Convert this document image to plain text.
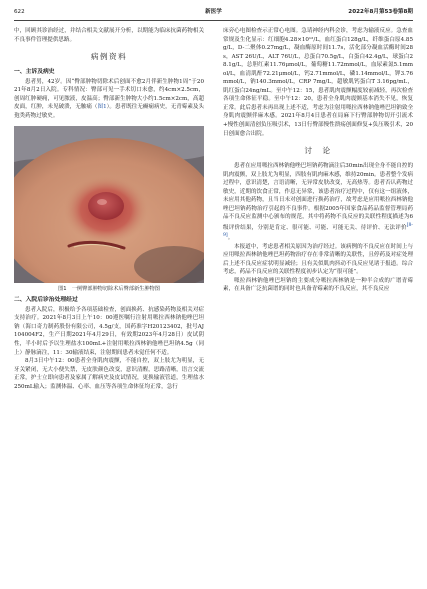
622	新医学	2022年8月第53卷第8期

中，回顾其诊治经过，并结合相关文献展开分析，以期能为临床抗菌药物相关不良事件管理提供思路。

病例资料
一、主诉及病史

患者男，42岁。因“臀部肿物切除术后创面不愈2月伴新生肿物1周”于2021年8月2日入院。专科情况：臀部可见一手术切口未愈，约4cm×2.5cm，创周红肿硬痈，可见脓液，皮温高；臀部新生肿物大小约1.5cm×2cm，高超皮面，红肿，未见破溃，无触痛（图1）。患者既往无癫痫病史，无青霉素及头孢类药物过敏史。

图1　一例臀部肿物切除术后臀部新生肿物图
二、入院后诊治处理经过

患者入院后，积极给予各项基础检查，创面换药、抗感染药物及相关对症支持治疗。2021年8月3日上午10：00遵医嘱行注射用哌拉西林钠他唑巴坦钠（海口奇力制药股份有限公司，4.5g/支，国药准字H20123402，批号AJ104004F2，生产日期2021年4月29日，有效期2023年4月28日）皮试阴性，半小时后予以生理盐水100mL+注射用哌拉西林钠他唑巴坦钠4.5g（同上）静脉滴注，11：30输液结束，注射期间患者未觉任何不适。

8月3日中午12：00患者全身肌肉震颤，不能自控，双上肢尤为明显，无牙关紧闭，无大小便失禁，无皮肤颜色改变，意识清醒，思路清晰，语言交流正常，护士立即向患者及家属了解病史及皮试情况，更换输液管道，生理盐水250mL输入；监测体温、心率、血压等各项生命体征均正常，急行

床旁心电图检查示正常心电图。急请神经内科会诊，考虑为输液反应。急查血常规及生化显示：红细胞4.28×10¹²/L，血红蛋白128g/L，纤维蛋白原4.85g/L，D-二聚体0.27mg/L，凝血酶原时间11.7s，活化部分凝血活酶时间28s，AST 26U/L，ALT 76U/L，总蛋白70.5g/L，白蛋白42.4g/L，球蛋白28.1g/L，总胆红素11.76μmol/L，葡萄糖11.72mmol/L，血尿素氮5.1mmol/L，血清肌酐72.21μmol/L，钙2.71mmol/L，磷1.14mmol/L，钾3.76mmol/L，钠140.3mmol/L，CRP 7mg/L，超敏肌钙蛋白T 3.16pg/mL，肌红蛋白24ng/mL。至中午12：15，患者肌肉震颤幅度较前减轻，再次检查各项生命体征平稳。至中午12：20，患者全身肌肉震颤基本消失不见，恢复正常。此后患者未再出现上述不适，考虑为注射用哌拉西林钠他唑巴坦钠致全身肌肉震颤伴麻木感。2021年8月4日患者在局麻下行臀部肿物切开引流术+慢性创面清创负压吸引术，13日行臀部慢性溃疡创面修复+负压吸引术，20日创面愈合出院。

讨　论

患者在应用哌拉西林钠他唑巴坦钠药物滴注后30min出现全身不能自控的肌肉震颤，双上肢尤为明显，四肢有肌肉麻木感，维持20min。患者整个发病过程中，意识清楚，言语清晰，无异常皮肤改变，无高热等。患者否认药物过敏史，近期的饮食正常，作息无异常，该患者治疗过程中，仅有这一组液体，未应用其他药物，且当日未对创面进行换药治疗，故考虑是应用哌拉西林钠他唑巴坦钠药物治疗引起的不良事件。根据2005年国家食品药品监督管理局药品不良反应监测中心颁布的规范，其中将药物不良反应的关联性程度描述为6级评价结果，分别是肯定、很可能、可能、可能无关、待评价、无法评价[8-9]。

本报道中，考虑患者相关原因为治疗经过。该病例的不良反应在时间上与应用哌拉西林钠他唑巴坦药物治疗存在非常清晰的关联性，且停药及对症处理后上述不良反应症状明显减轻；且有关似肌肉抖动不良反应见诸于报道。综合考虑，药品不良反应的关联性程度初步认定为“很可能”。

哌拉西林钠他唑巴坦钠的主要成分哌拉西林钠是一种半合成的广谱青霉素，在具备广泛抗菌谱的同时也具备青霉素的不良反应，其不良反应
